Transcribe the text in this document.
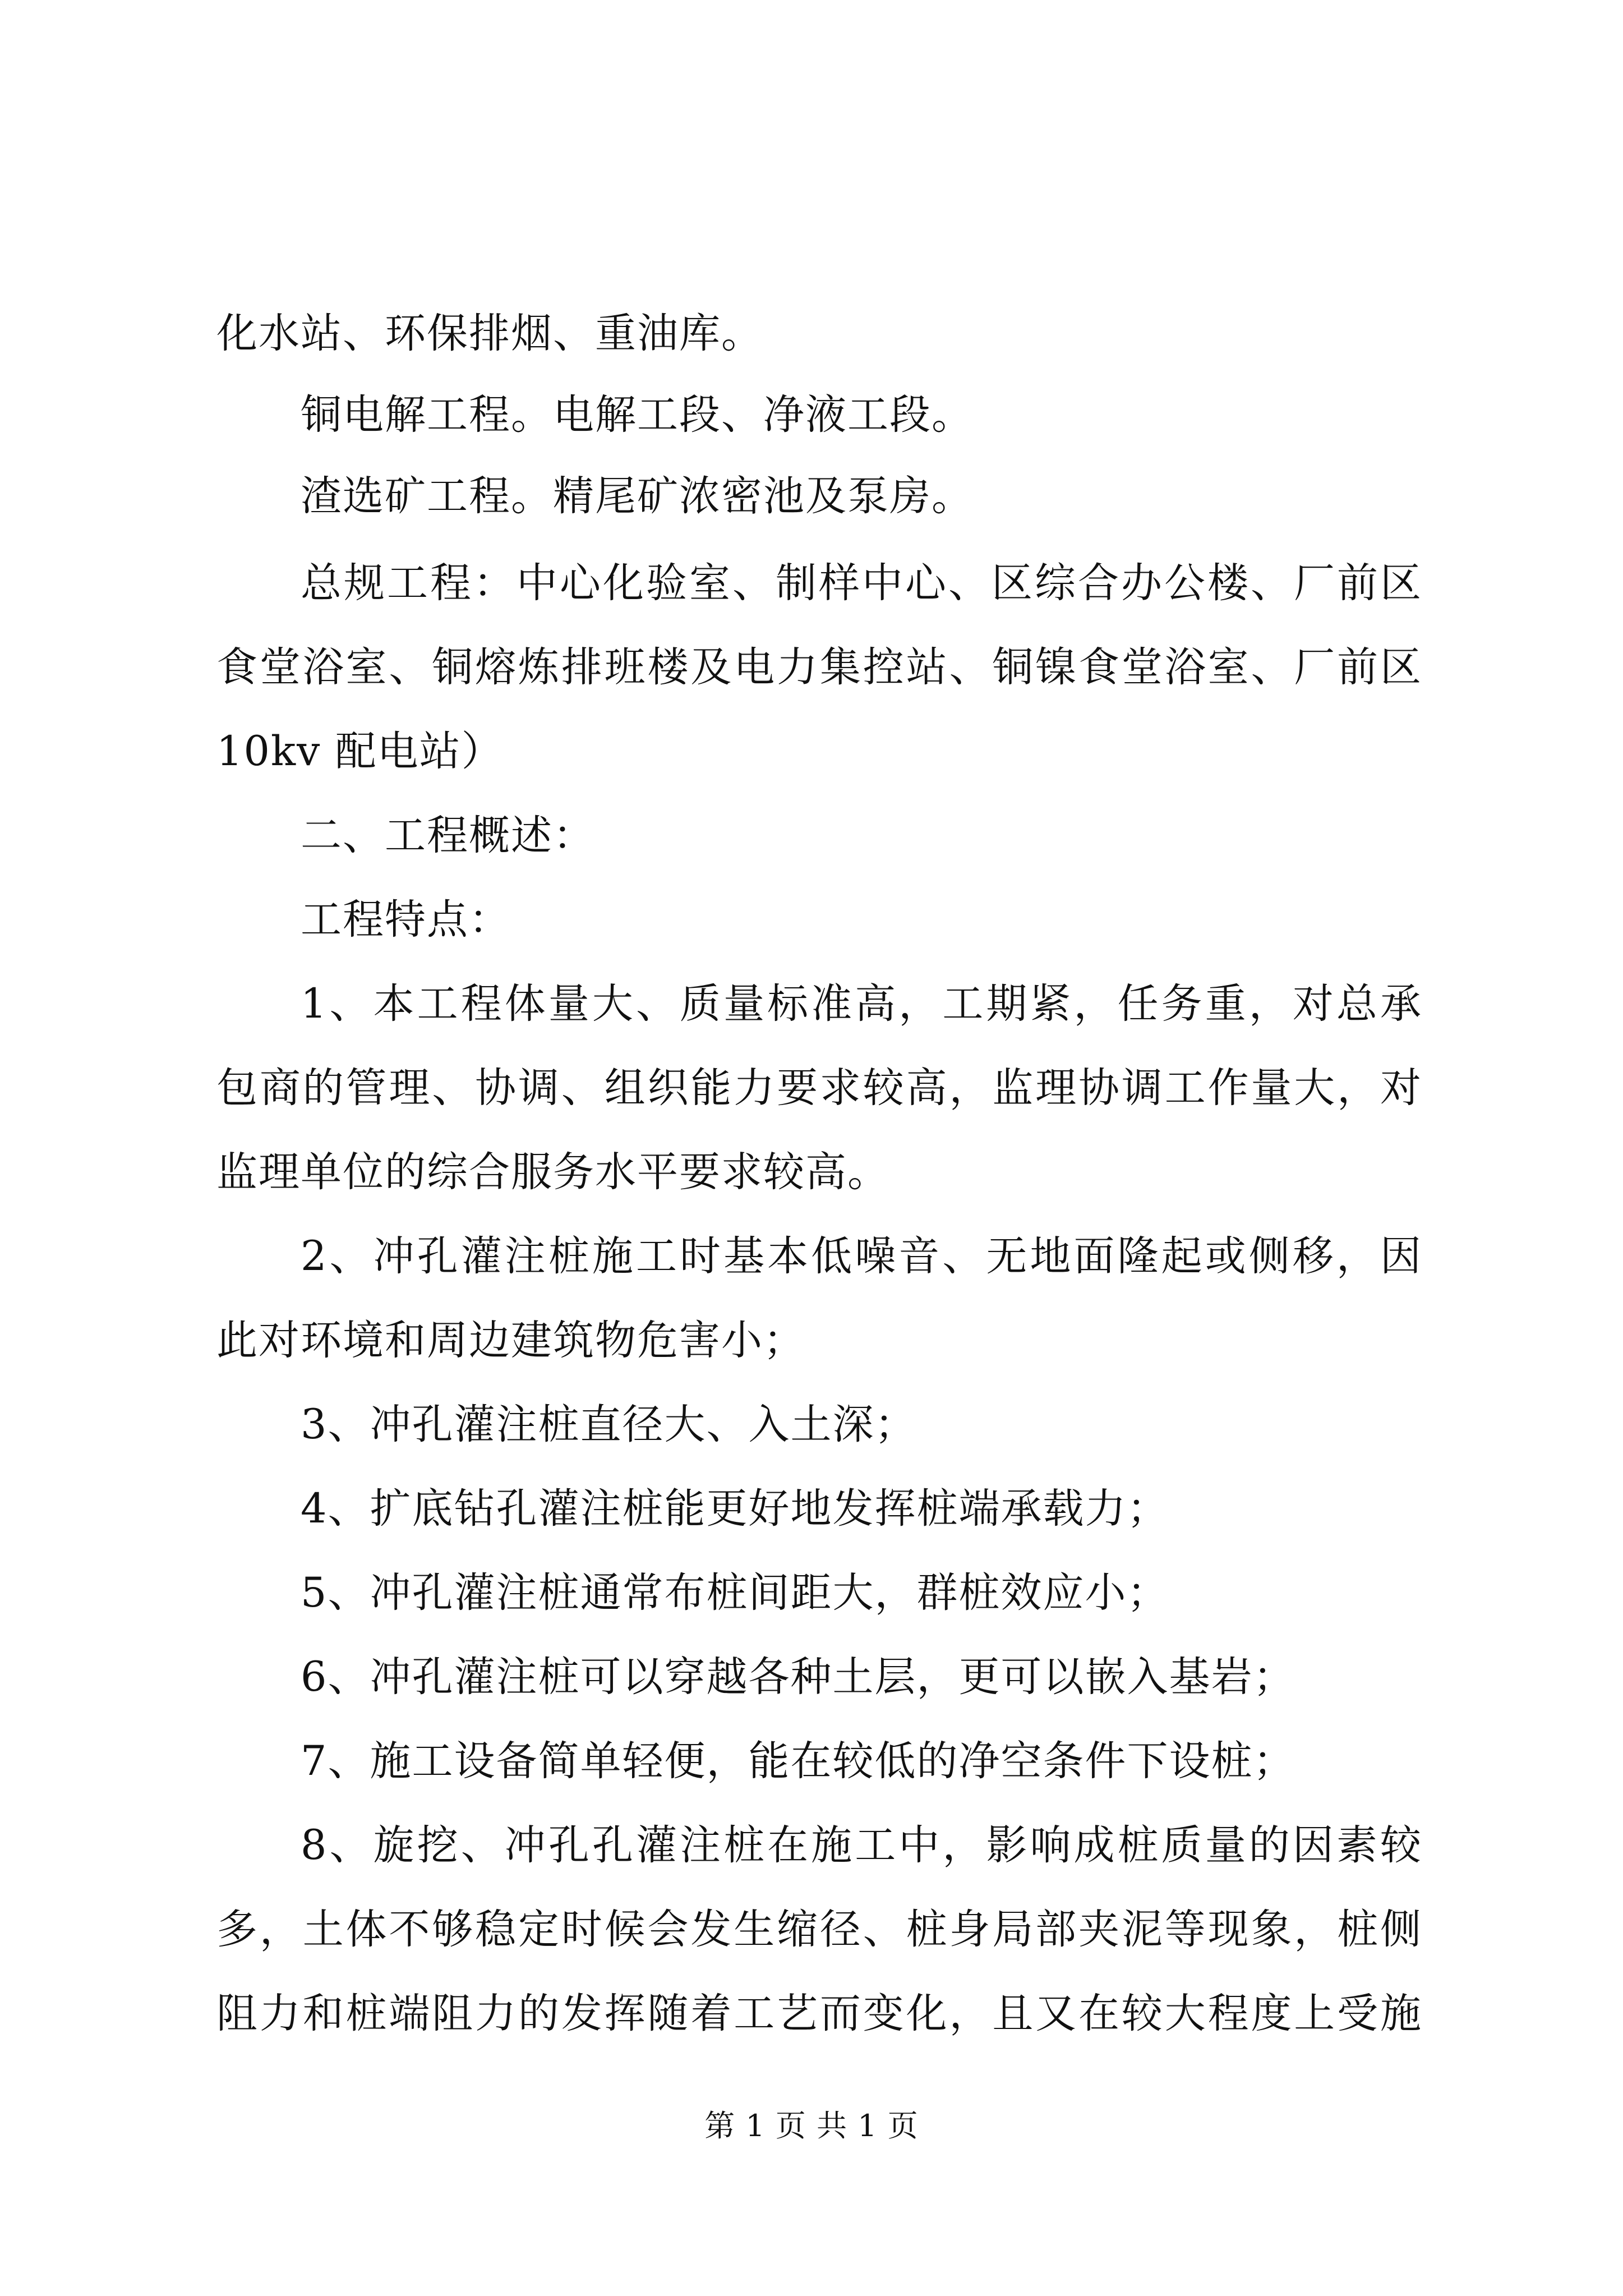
化水站、环保排烟、重油库。
铜电解工程。电解工段、净液工段。
渣选矿工程。精尾矿浓密池及泵房。
总规工程：中心化验室、制样中心、区综合办公楼、厂前区
食堂浴室、铜熔炼排班楼及电力集控站、铜镍食堂浴室、厂前区
10kv 配电站）
二、工程概述：
工程特点：
1、本工程体量大、质量标准高，工期紧，任务重，对总承
包商的管理、协调、组织能力要求较高，监理协调工作量大，对
监理单位的综合服务水平要求较高。
2、冲孔灌注桩施工时基本低噪音、无地面隆起或侧移，因
此对环境和周边建筑物危害小；
3、冲孔灌注桩直径大、入土深；
4、扩底钻孔灌注桩能更好地发挥桩端承载力；
5、冲孔灌注桩通常布桩间距大，群桩效应小；
6、冲孔灌注桩可以穿越各种土层，更可以嵌入基岩；
7、施工设备简单轻便，能在较低的净空条件下设桩；
8、旋挖、冲孔孔灌注桩在施工中，影响成桩质量的因素较
多，土体不够稳定时候会发生缩径、桩身局部夹泥等现象，桩侧
阻力和桩端阻力的发挥随着工艺而变化，且又在较大程度上受施
第 1 页 共 1 页
